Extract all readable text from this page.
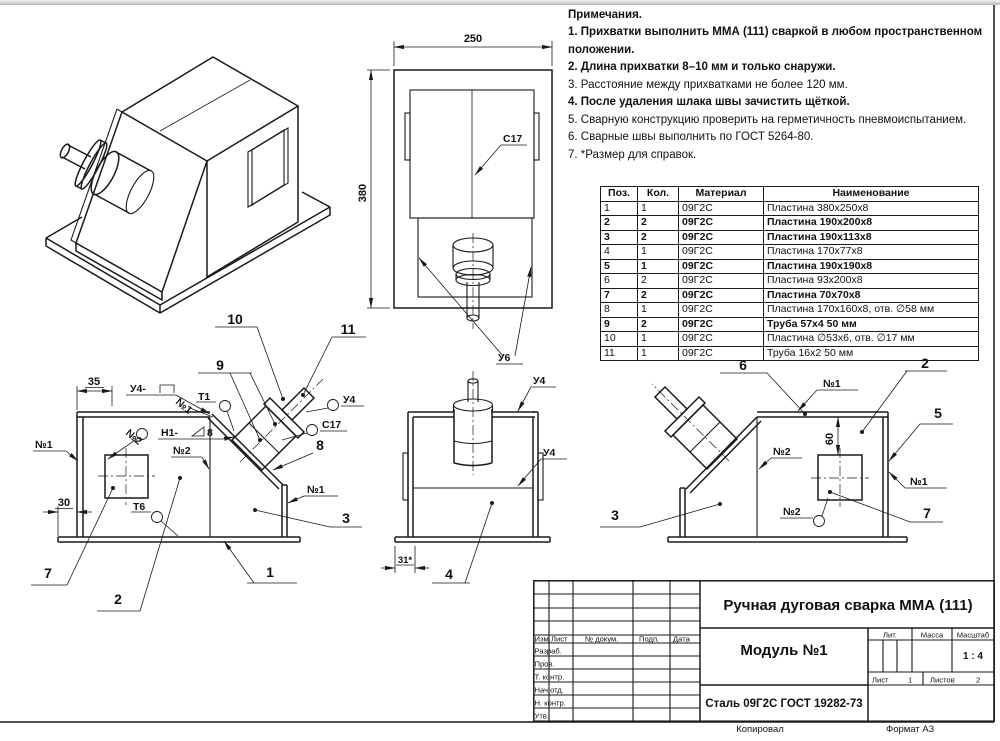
250
380
С17
У6
35
30
У4-
№1 Т1
Н1-	8
№2
№2
№1
Т6
№1
У4
С17
9
10
11
8
3
1
7
2
У4
У4
31*
4
60
6
№1
2
5
№1
7
№2
№2
3
Примечания.
1. Прихватки выполнить ММА (111) сваркой в любом пространственном положении.
2. Длина прихватки 8–10 мм и только снаружи.
3. Расстояние между прихватками не более 120 мм.
4. После удаления шлака швы зачистить щёткой.
5. Сварную конструкцию проверить на герметичность пневмоиспытанием.
6. Сварные швы выполнить по ГОСТ 5264-80.
7. *Размер для справок.
Поз.	Кол.	Материал	Наименование
1	1	09Г2С	Пластина 380x250x8
2	2	09Г2С	Пластина 190x200x8
3	2	09Г2С	Пластина 190x113x8
4	1	09Г2С	Пластина 170x77x8
5	1	09Г2С	Пластина 190x190x8
6	2	09Г2С	Пластина 93x200x8
7	2	09Г2С	Пластина 70x70x8
8	1	09Г2С	Пластина 170x160x8, отв. ∅58 мм
9	2	09Г2С	Труба 57x4 50 мм
10	1	09Г2С	Пластина ∅53x6, отв. ∅17 мм
11	1	09Г2С	Труба 16x2 50 мм
Изм. Лист № докум.	Подп. Дата
Разраб.
Пров.
Т. контр.
Нач.отд.
Н. контр.
Утв.
Ручная дуговая сварка ММА (111)
Модуль №1
Сталь 09Г2С ГОСТ 19282-73
Лит.	Масса Масштаб
1 : 4
Лист	1 Листов	2
Копировал	Формат А3
